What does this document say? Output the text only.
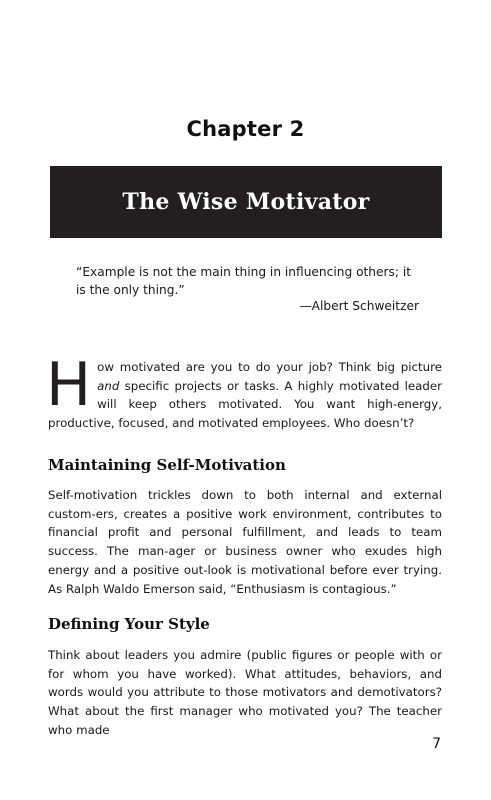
Chapter 2
The Wise Motivator
“Example is not the main thing in influencing others; it is the only thing.”
—Albert Schweitzer
How motivated are you to do your job? Think big picture and specific projects or tasks. A highly motivated leader will keep others motivated. You want high-energy, productive, focused, and motivated employees. Who doesn’t?
Maintaining Self-Motivation
Self-motivation trickles down to both internal and external custom-ers, creates a positive work environment, contributes to financial profit and personal fulfillment, and leads to team success. The man-ager or business owner who exudes high energy and a positive out-look is motivational before ever trying. As Ralph Waldo Emerson said, “Enthusiasm is contagious.”
Defining Your Style
Think about leaders you admire (public figures or people with or for whom you have worked). What attitudes, behaviors, and words would you attribute to those motivators and demotivators? What about the first manager who motivated you? The teacher who made
7
